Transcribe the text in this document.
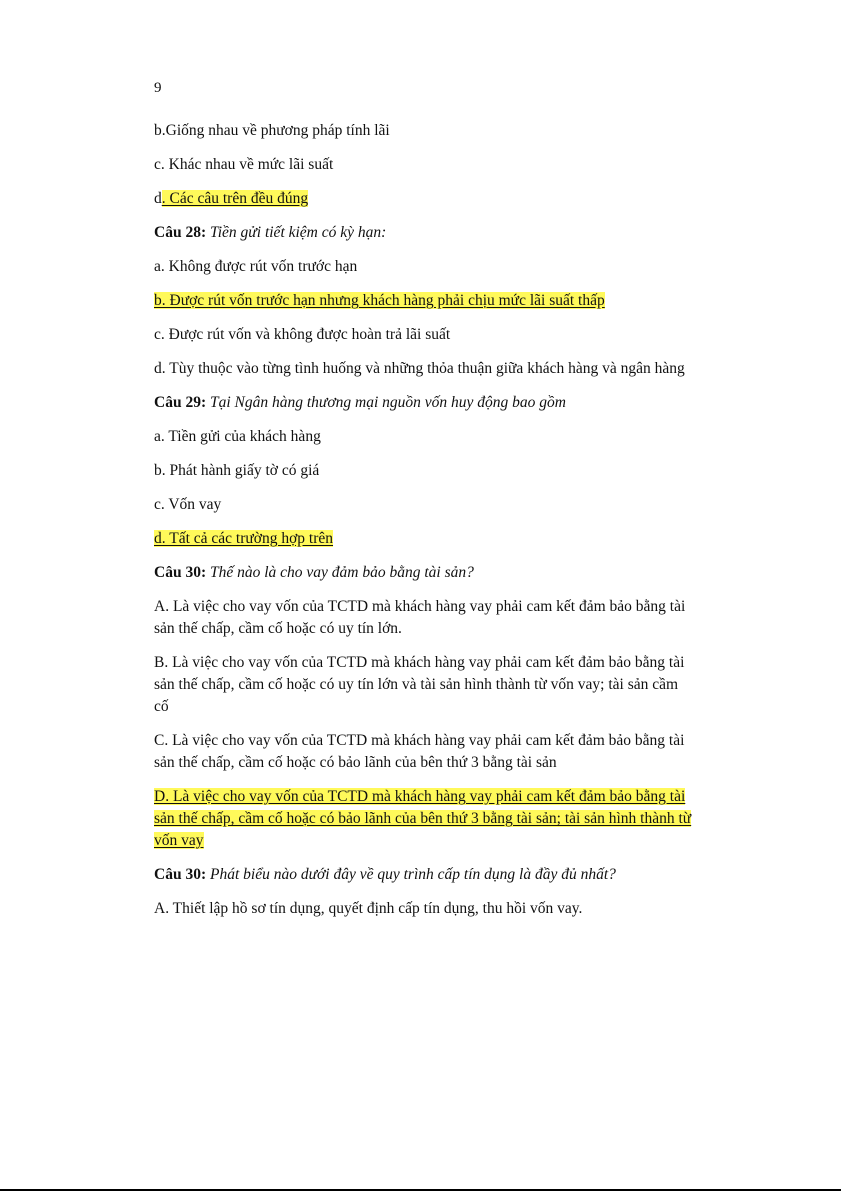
9

b.Giống nhau về phương pháp tính lãi

c. Khác nhau về mức lãi suất

d. Các câu trên đều đúng

Câu 28: Tiền gửi tiết kiệm có kỳ hạn:

a. Không được rút vốn trước hạn

b. Được rút vốn trước hạn nhưng khách hàng phải chịu mức lãi suất thấp

c. Được rút vốn và không được hoàn trả lãi suất

d. Tùy thuộc vào từng tình huống và những thỏa thuận giữa khách hàng và ngân hàng

Câu 29: Tại Ngân hàng thương mại nguồn vốn huy động bao gồm

a. Tiền gửi của khách hàng

b. Phát hành giấy tờ có giá

c. Vốn vay

d. Tất cả các trường hợp trên

Câu 30: Thế nào là cho vay đảm bảo bằng tài sản?

A. Là việc cho vay vốn của TCTD mà khách hàng vay phải cam kết đảm bảo bằng tài sản thế chấp, cầm cố hoặc có uy tín lớn.

B. Là việc cho vay vốn của TCTD mà khách hàng vay phải cam kết đảm bảo bằng tài sản thế chấp, cầm cố hoặc có uy tín lớn và tài sản hình thành từ vốn vay; tài sản cầm cố

C. Là việc cho vay vốn của TCTD mà khách hàng vay phải cam kết đảm bảo bằng tài sản thế chấp, cầm cố hoặc có bảo lãnh của bên thứ 3 bằng tài sản

D. Là việc cho vay vốn của TCTD mà khách hàng vay phải cam kết đảm bảo bằng tài sản thế chấp, cầm cố hoặc có bảo lãnh của bên thứ 3 bằng tài sản; tài sản hình thành từ vốn vay

Câu 30: Phát biểu nào dưới đây về quy trình cấp tín dụng là đầy đủ nhất?

A. Thiết lập hồ sơ tín dụng, quyết định cấp tín dụng, thu hồi vốn vay.
